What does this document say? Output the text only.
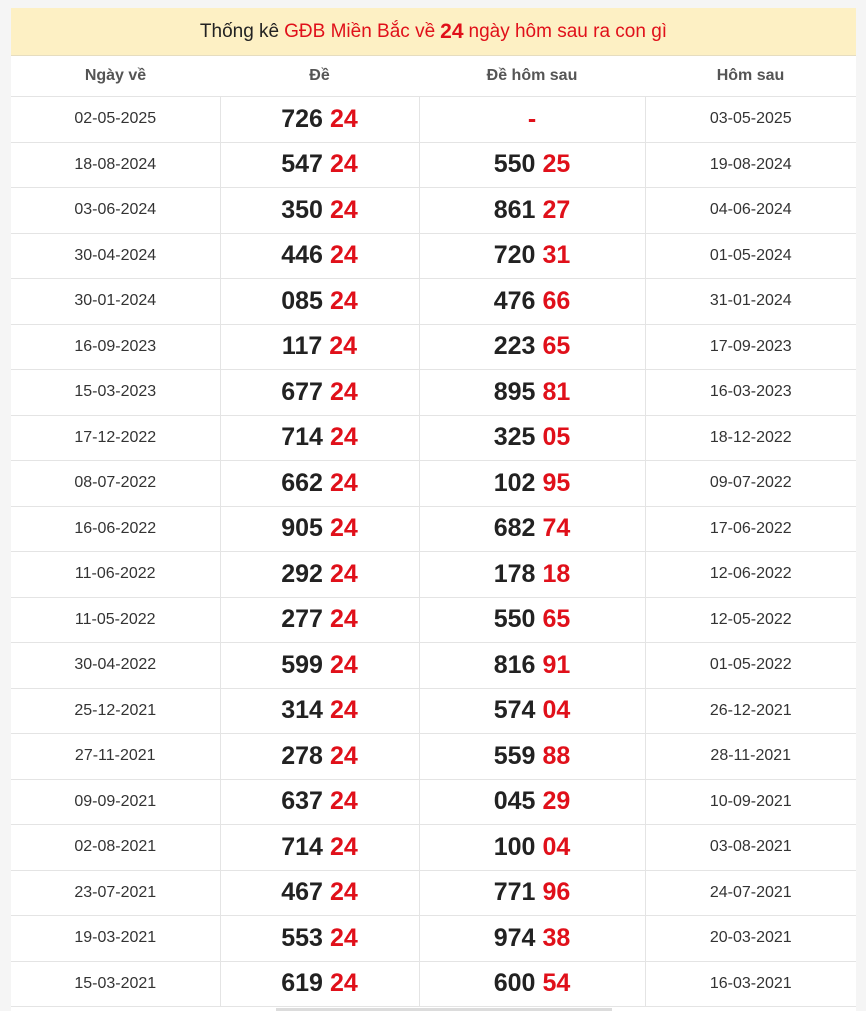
Thống kê GĐB Miền Bắc về 24 ngày hôm sau ra con gì
Ngày về	Đề	Đề hôm sau	Hôm sau
02-05-2025	726 24	-	03-05-2025
18-08-2024	547 24	550 25	19-08-2024
03-06-2024	350 24	861 27	04-06-2024
30-04-2024	446 24	720 31	01-05-2024
30-01-2024	085 24	476 66	31-01-2024
16-09-2023	117 24	223 65	17-09-2023
15-03-2023	677 24	895 81	16-03-2023
17-12-2022	714 24	325 05	18-12-2022
08-07-2022	662 24	102 95	09-07-2022
16-06-2022	905 24	682 74	17-06-2022
11-06-2022	292 24	178 18	12-06-2022
11-05-2022	277 24	550 65	12-05-2022
30-04-2022	599 24	816 91	01-05-2022
25-12-2021	314 24	574 04	26-12-2021
27-11-2021	278 24	559 88	28-11-2021
09-09-2021	637 24	045 29	10-09-2021
02-08-2021	714 24	100 04	03-08-2021
23-07-2021	467 24	771 96	24-07-2021
19-03-2021	553 24	974 38	20-03-2021
15-03-2021	619 24	600 54	16-03-2021
